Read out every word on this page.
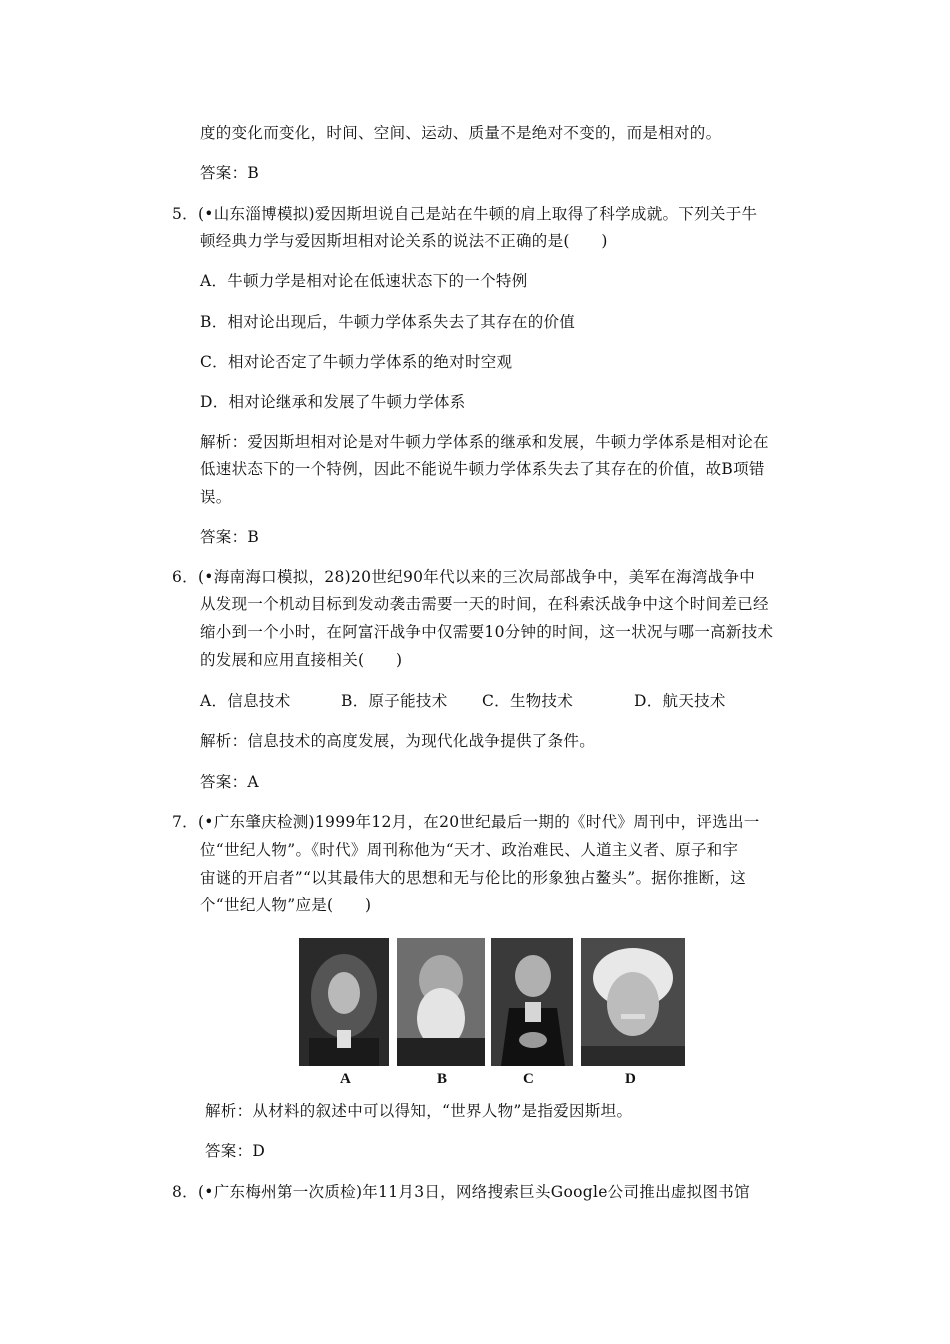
度的变化而变化，时间、空间、运动、质量不是绝对不变的，而是相对的。
答案：B
5．(•山东淄博模拟)爱因斯坦说自己是站在牛顿的肩上取得了科学成就。下列关于牛
顿经典力学与爱因斯坦相对论关系的说法不正确的是(　　)
A．牛顿力学是相对论在低速状态下的一个特例
B．相对论出现后，牛顿力学体系失去了其存在的价值
C．相对论否定了牛顿力学体系的绝对时空观
D．相对论继承和发展了牛顿力学体系
解析：爱因斯坦相对论是对牛顿力学体系的继承和发展，牛顿力学体系是相对论在
低速状态下的一个特例，因此不能说牛顿力学体系失去了其存在的价值，故B项错
误。
答案：B
6．(•海南海口模拟，28)20世纪90年代以来的三次局部战争中，美军在海湾战争中
从发现一个机动目标到发动袭击需要一天的时间，在科索沃战争中这个时间差已经
缩小到一个小时，在阿富汗战争中仅需要10分钟的时间，这一状况与哪一高新技术
的发展和应用直接相关(　　)
A．信息技术	B．原子能技术 C．生物技术	D．航天技术
解析：信息技术的高度发展，为现代化战争提供了条件。
答案：A
7．(•广东肇庆检测)1999年12月，在20世纪最后一期的《时代》周刊中，评选出一
位“世纪人物”。《时代》周刊称他为“天才、政治难民、人道主义者、原子和宇
宙谜的开启者”“以其最伟大的思想和无与伦比的形象独占鳌头”。据你推断，这
个“世纪人物”应是(　　)
A	B	C	D
解析：从材料的叙述中可以得知，“世界人物”是指爱因斯坦。
答案：D
8．(•广东梅州第一次质检)年11月3日，网络搜索巨头Google公司推出虚拟图书馆
